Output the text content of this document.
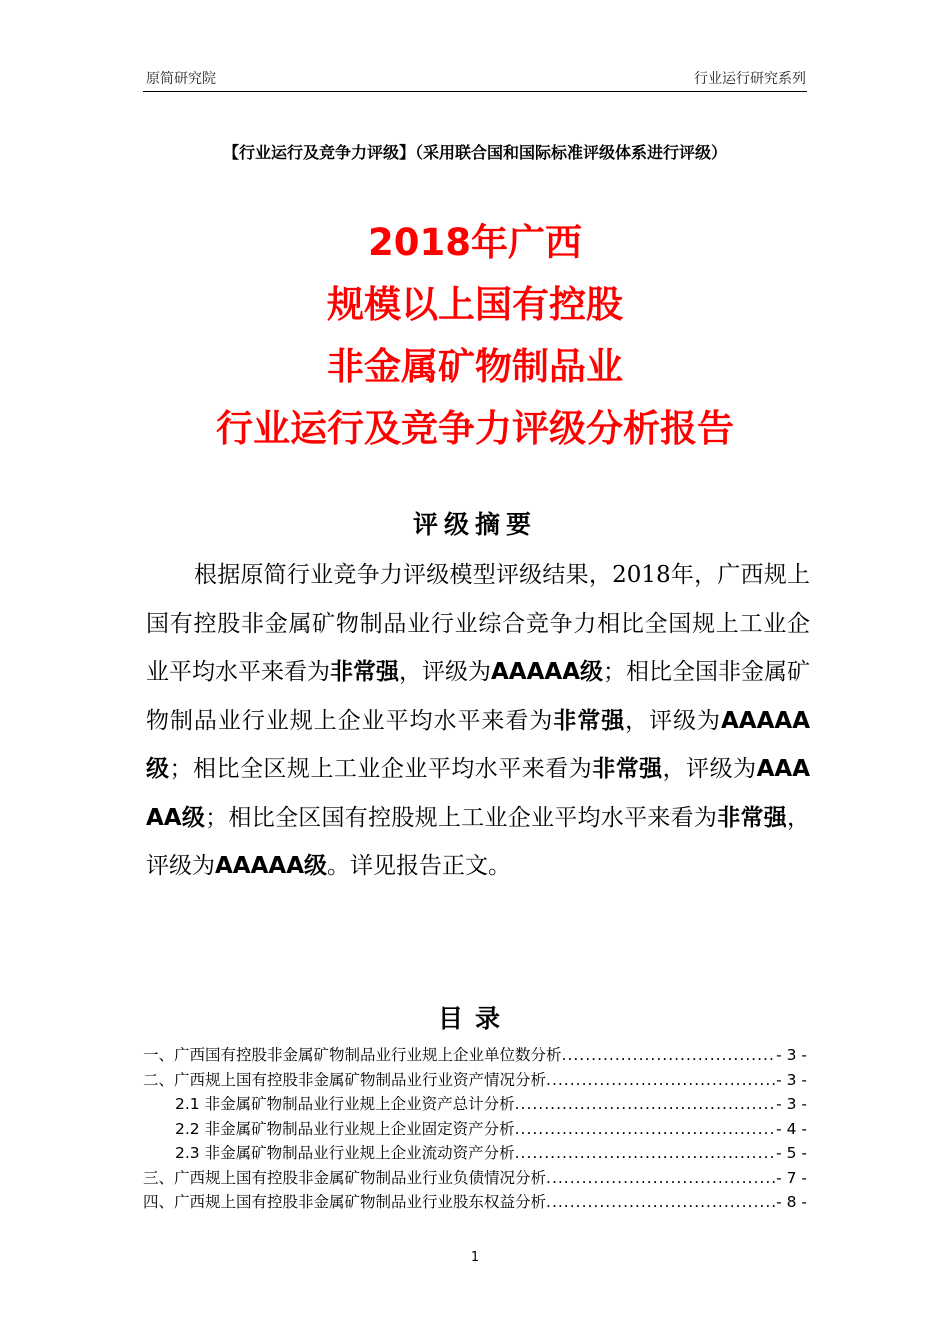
原简研究院	行业运行研究系列
【行业运行及竞争力评级】（采用联合国和国际标准评级体系进行评级）
2018年广西
规模以上国有控股
非金属矿物制品业
行业运行及竞争力评级分析报告
评级摘要
根据原简行业竞争力评级模型评级结果，2018年，广西规上国有控股非金属矿物制品业行业综合竞争力相比全国规上工业企业平均水平来看为非常强，评级为AAAAA级；相比全国非金属矿物制品业行业规上企业平均水平来看为非常强，评级为AAAAA级；相比全区规上工业企业平均水平来看为非常强，评级为AAAAA级；相比全区国有控股规上工业企业平均水平来看为非常强，评级为AAAAA级。详见报告正文。
目录
一、广西国有控股非金属矿物制品业行业规上企业单位数分析 .....	- 3 -
二、广西规上国有控股非金属矿物制品业行业资产情况分析 .....	- 3 -
2.1 非金属矿物制品业行业规上企业资产总计分析 .....	- 3 -
2.2 非金属矿物制品业行业规上企业固定资产分析 .....	- 4 -
2.3 非金属矿物制品业行业规上企业流动资产分析 .....	- 5 -
三、广西规上国有控股非金属矿物制品业行业负债情况分析 .....	- 7 -
四、广西规上国有控股非金属矿物制品业行业股东权益分析 .....	- 8 -
1
